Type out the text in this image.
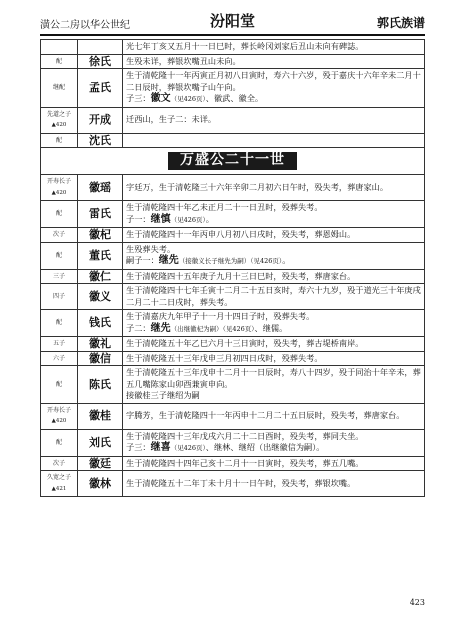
潢公二房以华公世纪	汾阳堂	郭氏族谱

		光七年丁亥又五月十一日巳时，葬长岭冈刘家后丑山未向有碑誌。

配	徐氏	生殁未详，葬银坎嘴丑山未向。

继配	孟氏	生于清乾隆十一年丙寅正月初八日寅时，寿六十六岁，殁于嘉庆十六年辛未二月十二日辰时，葬银坎嘴子山午向。
子三：徽文（见426页）、徽武、徽全。

先道之子
▲420	开成	迁西山，生子二：未详。

配	沈氏	

万盛公二十一世		
开寿长子
▲420	徽瑶	字廷万，生于清乾隆三十六年辛卯二月初六日午时，殁失考，葬唐家山。

配	雷氏	生于清乾隆四十年乙未正月二十一日丑时，殁葬失考。
子一：继慎（见426页）。

次子	徽杞	生于清乾隆四十一年丙申八月初八日戌时，殁失考，葬恩姆山。

配	董氏	生殁葬失考。
嗣子一：继先（接徽义长子继先为嗣）（见426页）。

三子	徽仁	生于清乾隆四十五年庚子九月十三日巳时，殁失考，葬唐家台。

四子	徽义	生于清乾隆四十七年壬寅十二月二十五日亥时，寿六十九岁，殁于道光三十年庚戌二月二十二日戌时，葬失考。

配	钱氏	生于清嘉庆九年甲子十一月十四日子时，殁葬失考。
子二：继先（出继徽杞为嗣）（见426页）、继儒。

五子	徽礼	生于清乾隆五十年乙巳六月十三日寅时，殁失考，葬古堤桥南岸。

六子	徽信	生于清乾隆五十三年戊申三月初四日戌时，殁葬失考。

配	陈氏	生于清乾隆五十三年戊申十二月十一日辰时，寿八十四岁，殁于同治十年辛未，葬五几嘴陈家山卯酉兼寅申向。
接徽桂三子继绍为嗣

开寿长子
▲420	徽桂	字腾芳，生于清乾隆四十一年丙申十二月二十五日辰时，殁失考，葬唐家台。

配	刘氏	生于清乾隆四十三年戊戌六月二十二日酉时，殁失考，葬同夫坐。
子三：继喜（见426页）、继林、继绍（出继徽信为嗣）。

次子	徽廷	生于清乾隆四十四年己亥十二月十一日寅时，殁失考，葬五几嘴。

久宽之子
▲421	徽林	生于清乾隆五十二年丁未十月十一日午时，殁失考，葬银坎嘴。
423
